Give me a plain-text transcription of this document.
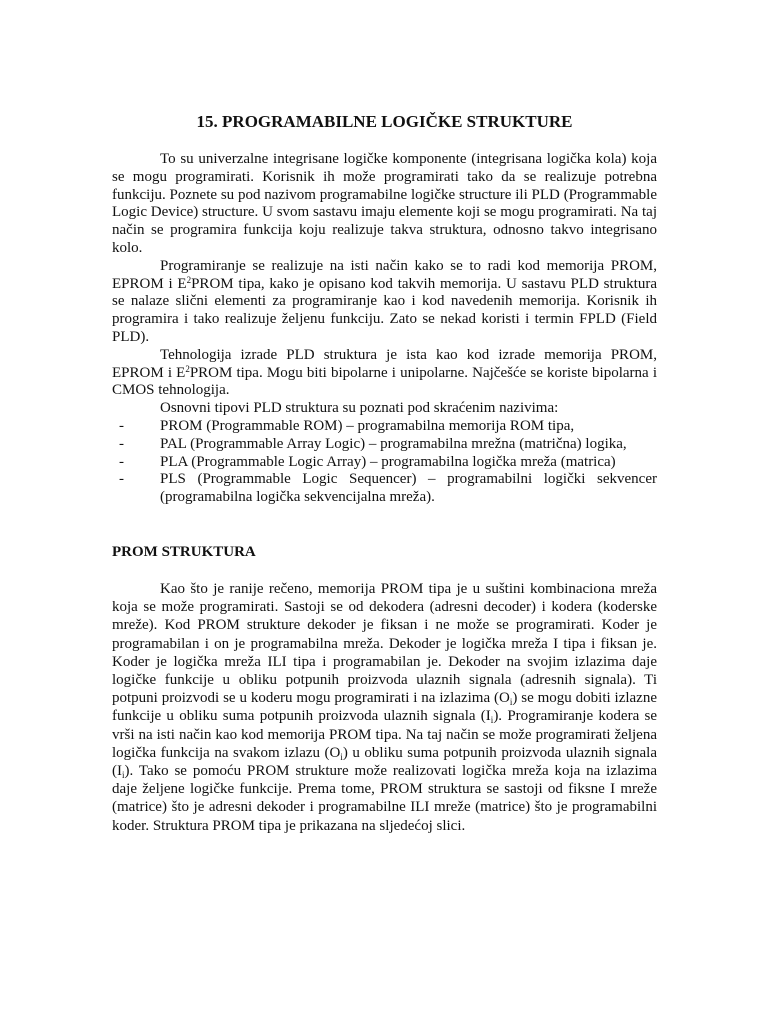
15. PROGRAMABILNE LOGIČKE STRUKTURE

To su univerzalne integrisane logičke komponente (integrisana logička kola) koja se mogu programirati. Korisnik ih može programirati tako da se realizuje potrebna funkciju. Poznete su pod nazivom programabilne logičke structure ili PLD (Programmable Logic Device) structure. U svom sastavu imaju elemente koji se mogu programirati. Na taj način se programira funkcija koju realizuje takva struktura, odnosno takvo integrisano kolo.

Programiranje se realizuje na isti način kako se to radi kod memorija PROM, EPROM i $E^2PROM$ tipa, kako je opisano kod takvih memorija. U sastavu PLD struktura se nalaze slični elementi za programiranje kao i kod navedenih memorija. Korisnik ih programira i tako realizuje željenu funkciju. Zato se nekad koristi i termin FPLD (Field PLD).

Tehnologija izrade PLD struktura je ista kao kod izrade memorija PROM, EPROM i $E^2PROM$ tipa. Mogu biti bipolarne i unipolarne. Najčešće se koriste bipolarna i CMOS tehnologija.

Osnovni tipovi PLD struktura su poznati pod skraćenim nazivima:

- PROM (Programmable ROM) – programabilna memorija ROM tipa,
- PAL (Programmable Array Logic) – programabilna mrežna (matrična) logika,
- PLA (Programmable Logic Array) – programabilna logička mreža (matrica)
- PLS (Programmable Logic Sequencer) – programabilni logički sekvencer (programabilna logička sekvencijalna mreža).
PROM STRUKTURA

Kao što je ranije rečeno, memorija PROM tipa je u suštini kombinaciona mreža koja se može programirati. Sastoji se od dekodera (adresni decoder) i kodera (koderske mreže). Kod PROM strukture dekoder je fiksan i ne može se programirati. Koder je programabilan i on je programabilna mreža. Dekoder je logička mreža I tipa i fiksan je. Koder je logička mreža ILI tipa i programabilan je. Dekoder na svojim izlazima daje logičke funkcije u obliku potpunih proizvoda ulaznih signala (adresnih signala). Ti potpuni proizvodi se u koderu mogu programirati i na izlazima $(O_i)$ se mogu dobiti izlazne funkcije u obliku suma potpunih proizvoda ulaznih signala $(I_i)$. Programiranje kodera se vrši na isti način kao kod memorija PROM tipa. Na taj način se može programirati željena logička funkcija na svakom izlazu $(O_i)$ u obliku suma potpunih proizvoda ulaznih signala $(I_i)$. Tako se pomoću PROM strukture može realizovati logička mreža koja na izlazima daje željene logičke funkcije. Prema tome, PROM struktura se sastoji od fiksne I mreže (matrice) što je adresni dekoder i programabilne ILI mreže (matrice) što je programabilni koder. Struktura PROM tipa je prikazana na sljedećoj slici.
